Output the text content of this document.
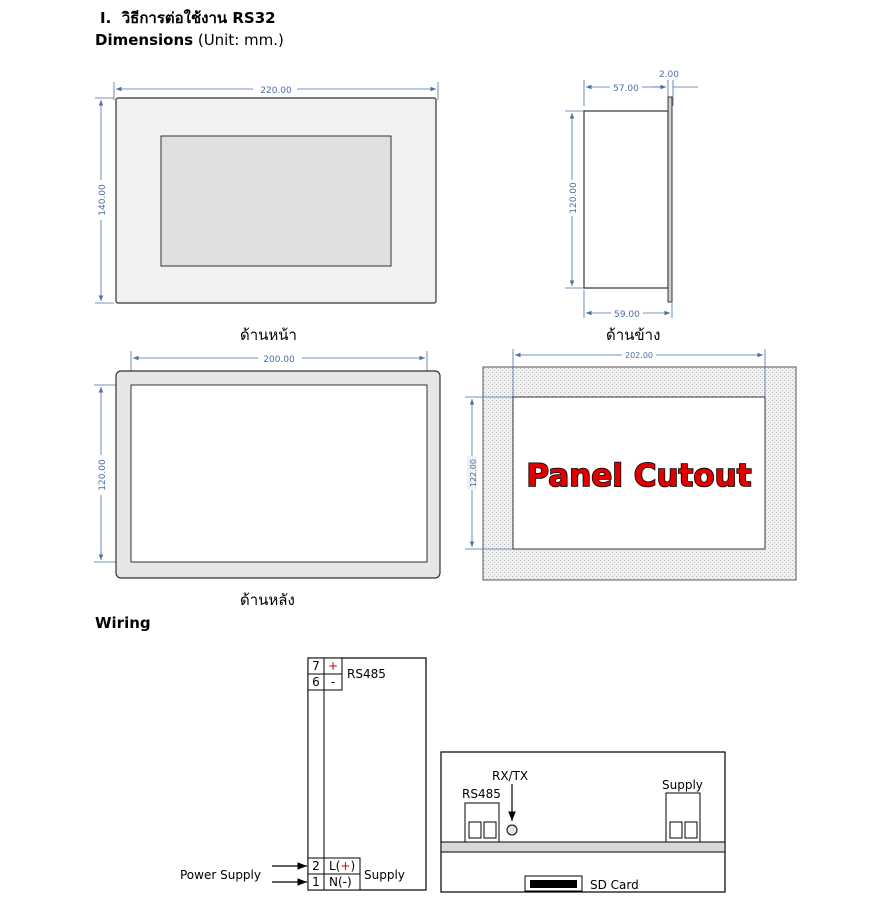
I. วิธีการต่อใช้งาน RS32
Dimensions (Unit: mm.)
Wiring
ด้านหน้า	ด้านข้าง
ด้านหลัง
220.00
140.00
57.00
2.00
120.00
59.00
200.00
120.00
202.00
122.00 Panel Cutout
7 +
6 -
RS485
2 L(+)
1 N(-) Supply
Power Supply
RS485
RX/TX
Supply
SD Card
